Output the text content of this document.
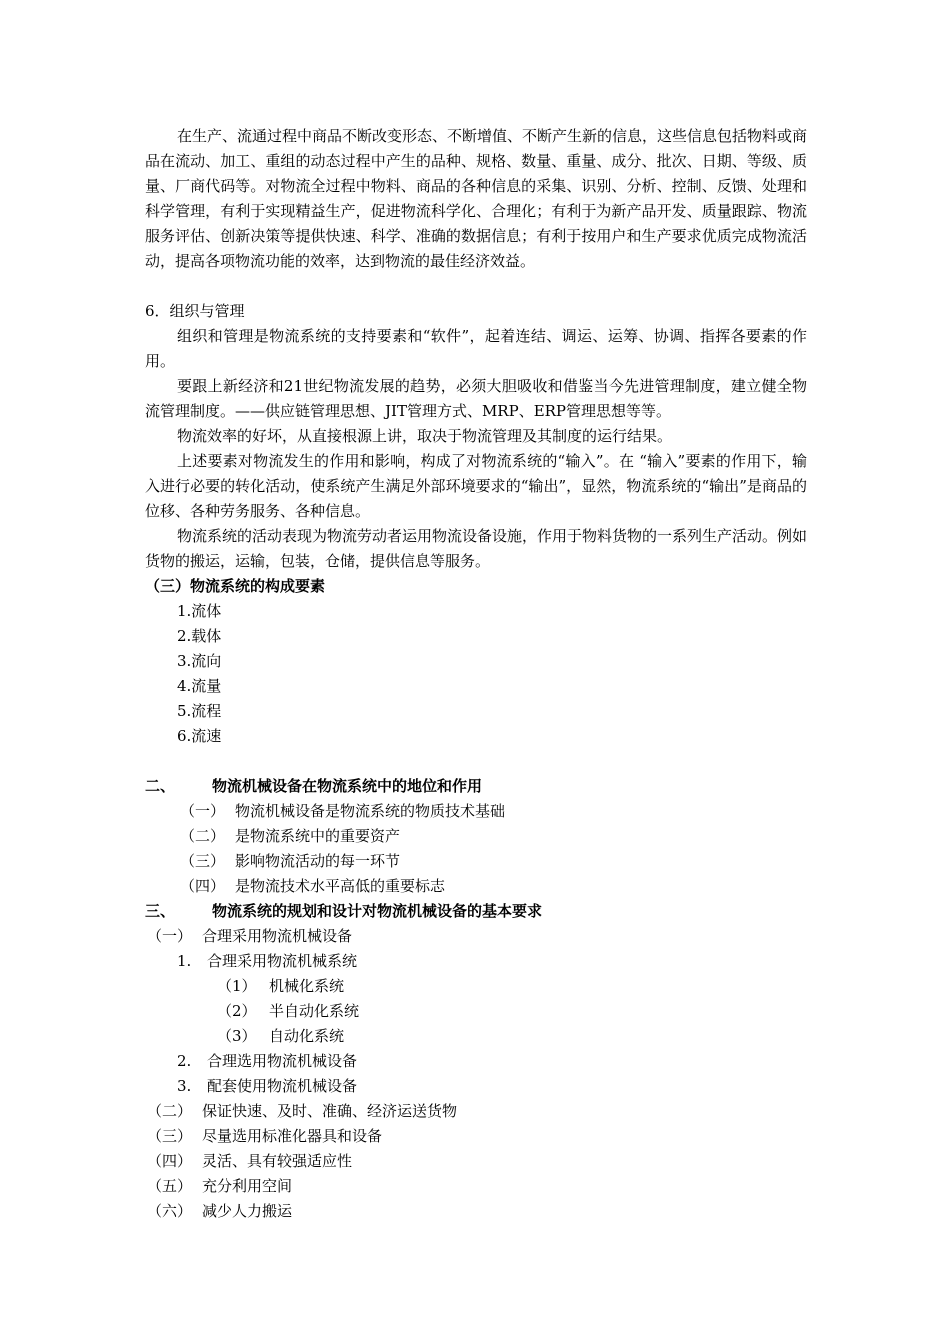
在生产、流通过程中商品不断改变形态、不断增值、不断产生新的信息，这些信息包括物料或商品在流动、加工、重组的动态过程中产生的品种、规格、数量、重量、成分、批次、日期、等级、质量、厂商代码等。对物流全过程中物料、商品的各种信息的采集、识别、分析、控制、反馈、处理和科学管理，有利于实现精益生产，促进物流科学化、合理化；有利于为新产品开发、质量跟踪、物流服务评估、创新决策等提供快速、科学、准确的数据信息；有利于按用户和生产要求优质完成物流活动，提高各项物流功能的效率，达到物流的最佳经济效益。
6．组织与管理
组织和管理是物流系统的支持要素和“软件”，起着连结、调运、运筹、协调、指挥各要素的作用。
要跟上新经济和21世纪物流发展的趋势，必须大胆吸收和借鉴当今先进管理制度，建立健全物流管理制度。——供应链管理思想、JIT管理方式、MRP、ERP管理思想等等。
物流效率的好坏，从直接根源上讲，取决于物流管理及其制度的运行结果。
上述要素对物流发生的作用和影响，构成了对物流系统的“输入”。在 “输入”要素的作用下，输入进行必要的转化活动，使系统产生满足外部环境要求的“输出”，显然，物流系统的“输出”是商品的位移、各种劳务服务、各种信息。
物流系统的活动表现为物流劳动者运用物流设备设施，作用于物料货物的一系列生产活动。例如货物的搬运，运输，包装，仓储，提供信息等服务。
（三）物流系统的构成要素
1.流体
2.载体
3.流向
4.流量
5.流程
6.流速
二、 物流机械设备在物流系统中的地位和作用
（一） 物流机械设备是物流系统的物质技术基础
（二） 是物流系统中的重要资产
（三） 影响物流活动的每一环节
（四） 是物流技术水平高低的重要标志
三、 物流系统的规划和设计对物流机械设备的基本要求
（一） 合理采用物流机械设备
1. 合理采用物流机械系统
（1） 机械化系统
（2） 半自动化系统
（3） 自动化系统
2. 合理选用物流机械设备
3. 配套使用物流机械设备
（二） 保证快速、及时、准确、经济运送货物
（三） 尽量选用标准化器具和设备
（四） 灵活、具有较强适应性
（五） 充分利用空间
（六） 减少人力搬运
